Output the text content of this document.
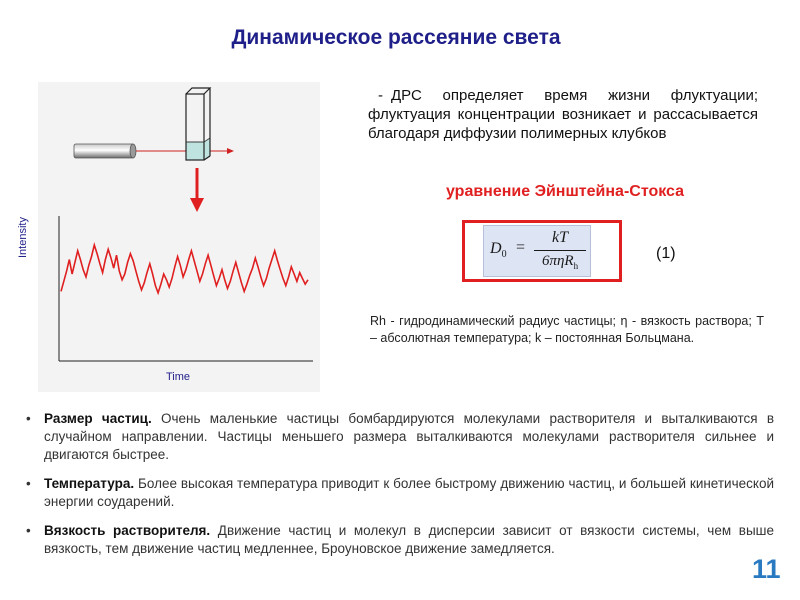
Динамическое рассеяние света
Intensity
Time
- ДРС определяет время жизни флуктуации; флуктуация концентрации возникает и рассасывается благодаря диффузии полимерных клубков
уравнение Эйнштейна-Стокса
$D_0$ =
kT
6πηR$_h$
(1)
Rh - гидродинамический радиус частицы; η - вязкость раствора; Т – абсолютная температура; k – постоянная Больцмана.
• Размер частиц. Очень маленькие частицы бомбардируются молекулами растворителя и выталкиваются в случайном направлении. Частицы меньшего размера выталкиваются молекулами растворителя сильнее и двигаются быстрее.
• Температура. Более высокая температура приводит к более быстрому движению частиц, и большей кинетической энергии соударений.
• Вязкость растворителя. Движение частиц и молекул в дисперсии зависит от вязкости системы, чем выше вязкость, тем движение частиц медленнее, Броуновское движение замедляется.
11
